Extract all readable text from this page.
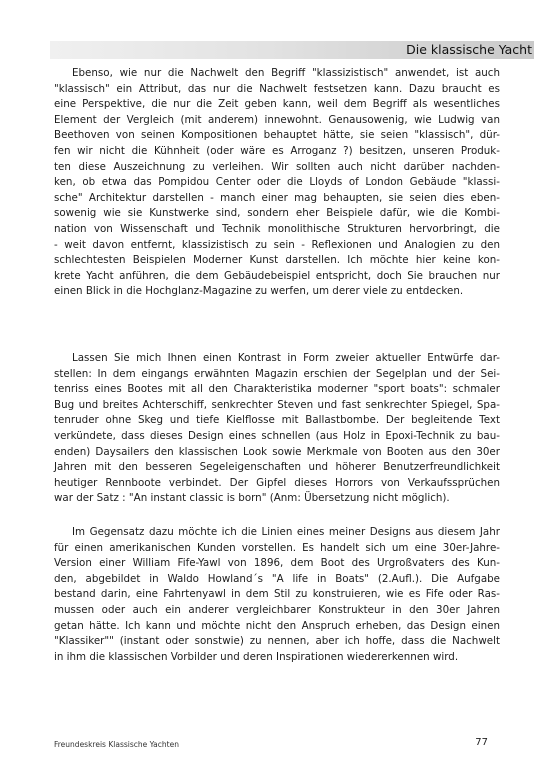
Die klassische Yacht
Ebenso, wie nur die Nachwelt den Begriff "klassizistisch" anwendet, ist auch
"klassisch" ein Attribut, das nur die Nachwelt festsetzen kann. Dazu braucht es
eine Perspektive, die nur die Zeit geben kann, weil dem Begriff als wesentliches
Element der Vergleich (mit anderem) innewohnt. Genausowenig, wie Ludwig van
Beethoven von seinen Kompositionen behauptet hätte, sie seien "klassisch", dür-
fen wir nicht die Kühnheit (oder wäre es Arroganz ?) besitzen, unseren Produk-
ten diese Auszeichnung zu verleihen. Wir sollten auch nicht darüber nachden-
ken, ob etwa das Pompidou Center oder die Lloyds of London Gebäude "klassi-
sche" Architektur darstellen - manch einer mag behaupten, sie seien dies eben-
sowenig wie sie Kunstwerke sind, sondern eher Beispiele dafür, wie die Kombi-
nation von Wissenschaft und Technik monolithische Strukturen hervorbringt, die
- weit davon entfernt, klassizistisch zu sein - Reflexionen und Analogien zu den
schlechtesten Beispielen Moderner Kunst darstellen. Ich möchte hier keine kon-
krete Yacht anführen, die dem Gebäudebeispiel entspricht, doch Sie brauchen nur
einen Blick in die Hochglanz-Magazine zu werfen, um derer viele zu entdecken.
Lassen Sie mich Ihnen einen Kontrast in Form zweier aktueller Entwürfe dar-
stellen: In dem eingangs erwähnten Magazin erschien der Segelplan und der Sei-
tenriss eines Bootes mit all den Charakteristika moderner "sport boats": schmaler
Bug und breites Achterschiff, senkrechter Steven und fast senkrechter Spiegel, Spa-
tenruder ohne Skeg und tiefe Kielflosse mit Ballastbombe. Der begleitende Text
verkündete, dass dieses Design eines schnellen (aus Holz in Epoxi-Technik zu bau-
enden) Daysailers den klassischen Look sowie Merkmale von Booten aus den 30er
Jahren mit den besseren Segeleigenschaften und höherer Benutzerfreundlichkeit
heutiger Rennboote verbindet. Der Gipfel dieses Horrors von Verkaufssprüchen
war der Satz : "An instant classic is born" (Anm: Übersetzung nicht möglich).
Im Gegensatz dazu möchte ich die Linien eines meiner Designs aus diesem Jahr
für einen amerikanischen Kunden vorstellen. Es handelt sich um eine 30er-Jahre-
Version einer William Fife-Yawl von 1896, dem Boot des Urgroßvaters des Kun-
den, abgebildet in Waldo Howland´s "A life in Boats" (2.Aufl.). Die Aufgabe
bestand darin, eine Fahrtenyawl in dem Stil zu konstruieren, wie es Fife oder Ras-
mussen oder auch ein anderer vergleichbarer Konstrukteur in den 30er Jahren
getan hätte. Ich kann und möchte nicht den Anspruch erheben, das Design einen
"Klassiker"" (instant oder sonstwie) zu nennen, aber ich hoffe, dass die Nachwelt
in ihm die klassischen Vorbilder und deren Inspirationen wiedererkennen wird.
Freundeskreis Klassische Yachten	77
